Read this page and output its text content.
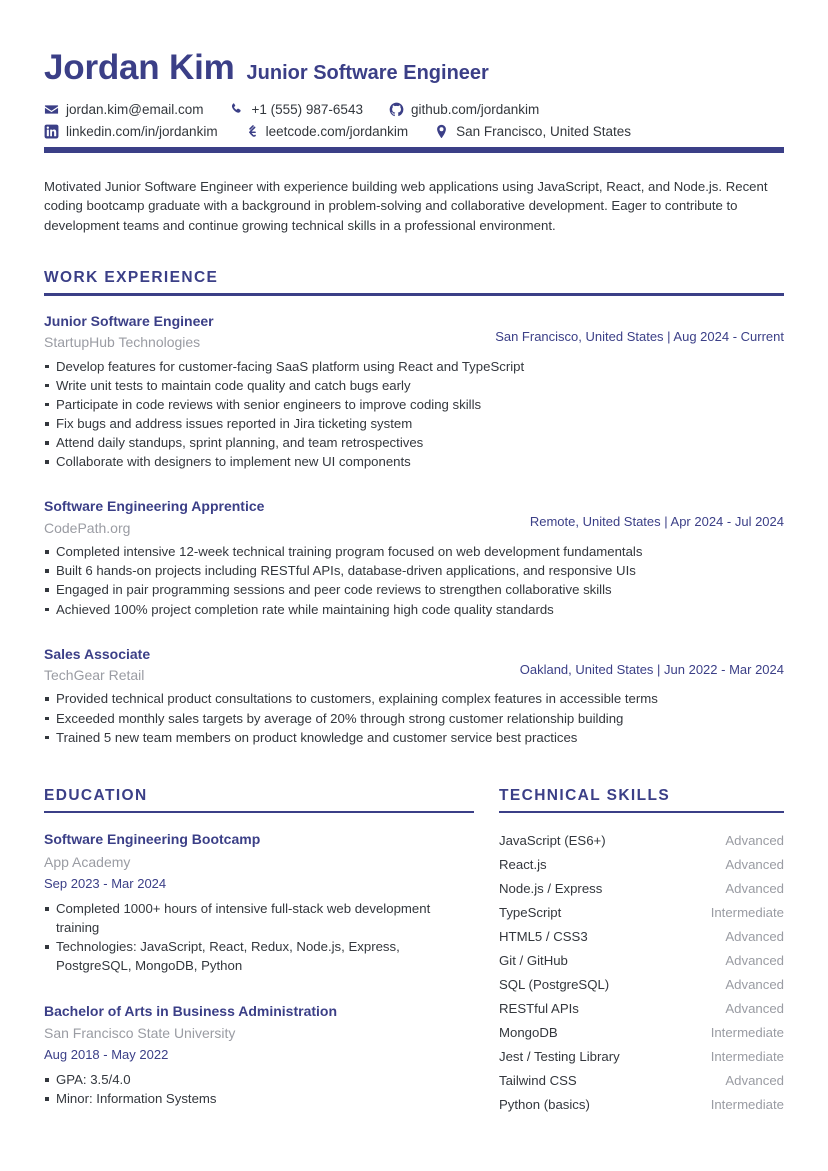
Jordan Kim Junior Software Engineer
jordan.kim@email.com	+1 (555) 987-6543	github.com/jordankim
linkedin.com/in/jordankim	leetcode.com/jordankim	San Francisco, United States
Motivated Junior Software Engineer with experience building web applications using JavaScript, React, and Node.js. Recent coding bootcamp graduate with a background in problem-solving and collaborative development. Eager to contribute to development teams and continue growing technical skills in a professional environment.
WORK EXPERIENCE
Junior Software Engineer
StartupHub Technologies	San Francisco, United States | Aug 2024 - Current
Develop features for customer-facing SaaS platform using React and TypeScript
Write unit tests to maintain code quality and catch bugs early
Participate in code reviews with senior engineers to improve coding skills
Fix bugs and address issues reported in Jira ticketing system
Attend daily standups, sprint planning, and team retrospectives
Collaborate with designers to implement new UI components
Software Engineering Apprentice
CodePath.org	Remote, United States | Apr 2024 - Jul 2024
Completed intensive 12-week technical training program focused on web development fundamentals
Built 6 hands-on projects including RESTful APIs, database-driven applications, and responsive UIs
Engaged in pair programming sessions and peer code reviews to strengthen collaborative skills
Achieved 100% project completion rate while maintaining high code quality standards
Sales Associate
TechGear Retail	Oakland, United States | Jun 2022 - Mar 2024
Provided technical product consultations to customers, explaining complex features in accessible terms
Exceeded monthly sales targets by average of 20% through strong customer relationship building
Trained 5 new team members on product knowledge and customer service best practices
EDUCATION
Software Engineering Bootcamp
App Academy
Sep 2023 - Mar 2024
Completed 1000+ hours of intensive full-stack web development training
Technologies: JavaScript, React, Redux, Node.js, Express, PostgreSQL, MongoDB, Python
Bachelor of Arts in Business Administration
San Francisco State University
Aug 2018 - May 2022
GPA: 3.5/4.0
Minor: Information Systems
TECHNICAL SKILLS
JavaScript (ES6+)	Advanced
React.js	Advanced
Node.js / Express	Advanced
TypeScript	Intermediate
HTML5 / CSS3	Advanced
Git / GitHub	Advanced
SQL (PostgreSQL)	Advanced
RESTful APIs	Advanced
MongoDB	Intermediate
Jest / Testing Library	Intermediate
Tailwind CSS	Advanced
Python (basics)	Intermediate
